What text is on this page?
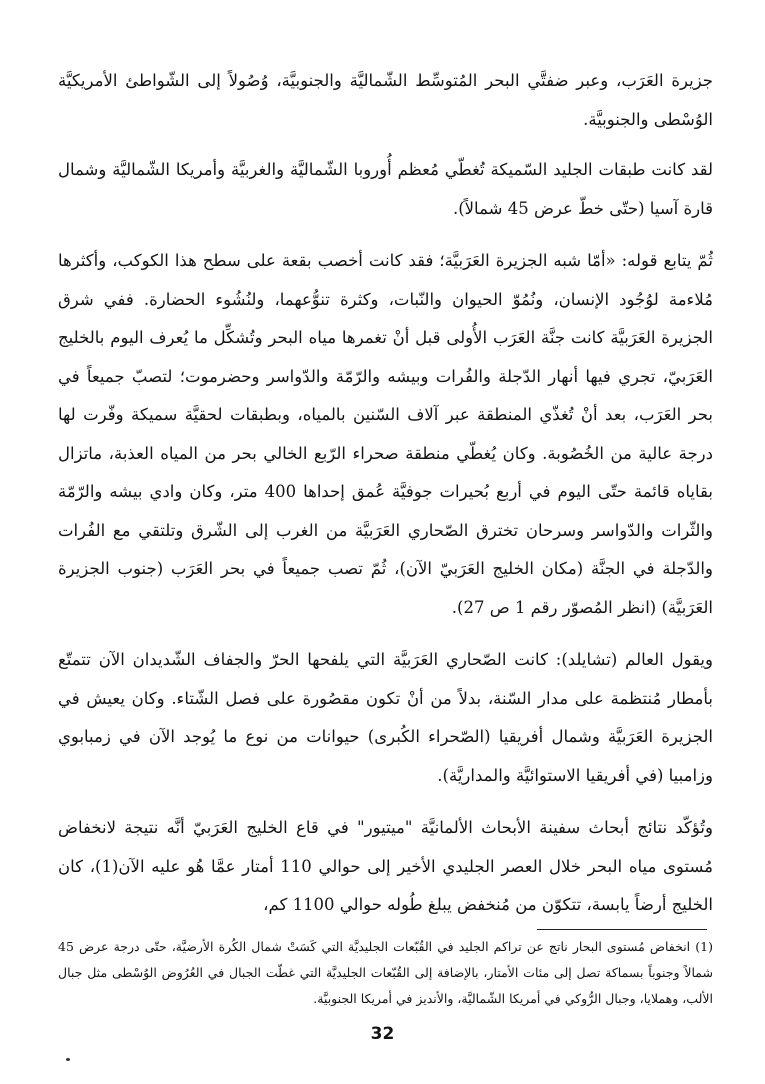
جزيرة العَرَب، وعبر ضفتَّي البحر المُتوسِّط الشّماليَّة والجنوبيَّة، وُصُولاً إلى الشّواطئ الأمريكيَّة الوُسْطى والجنوبيَّة.

لقد كانت طبقات الجليد السّميكة تُغطّي مُعظم أُوروبا الشّماليَّة والغربيَّة وأمريكا الشّماليَّة وشمال قارة آسيا (حتّى خطّ عرض 45 شمالاً).

ثُمّ يتابع قوله: «أمّا شبه الجزيرة العَرَبيَّة؛ فقد كانت أخصب بقعة على سطح هذا الكوكب، وأكثرها مُلاءمة لوُجُود الإنسان، ونُمُوّ الحيوان والنّبات، وكثرة تنوُّعهما، ولنُشُوء الحضارة. ففي شرق الجزيرة العَرَبيَّة كانت جنَّة العَرَب الأُولى قبل أنْ تغمرها مياه البحر وتُشكِّل ما يُعرف اليوم بالخليج العَرَبيّ، تجري فيها أنهار الدّجلة والفُرات وبيشه والرّمّة والدّواسر وحضرموت؛ لتصبّ جميعاً في بحر العَرَب، بعد أنْ تُغذّي المنطقة عبر آلاف السّنين بالمياه، وبطبقات لحقيَّة سميكة وفّرت لها درجة عالية من الخُصُوبة. وكان يُغطّي منطقة صحراء الرّبع الخالي بحر من المياه العذبة، ماتزال بقاياه قائمة حتّى اليوم في أربع بُحيرات جوفيَّة عُمق إحداها 400 متر، وكان وادي بيشه والرّمّة والثّرات والدّواسر وسرحان تخترق الصّحاري العَرَبيَّة من الغرب إلى الشّرق وتلتقي مع الفُرات والدّجلة في الجنَّة (مكان الخليج العَرَبيّ الآن)، ثُمّ تصب جميعاً في بحر العَرَب (جنوب الجزيرة العَرَبيَّة) (انظر المُصوّر رقم 1 ص 27).

ويقول العالم (تشايلد): كانت الصّحاري العَرَبيَّة التي يلفحها الحرّ والجفاف الشّديدان الآن تتمتّع بأمطار مُنتظمة على مدار السّنة، بدلاً من أنْ تكون مقصُورة على فصل الشّتاء. وكان يعيش في الجزيرة العَرَبيَّة وشمال أفريقيا (الصّحراء الكُبرى) حيوانات من نوع ما يُوجد الآن في زمبابوي وزامبيا (في أفريقيا الاستوائيَّة والمداريَّة).

وتُؤكّد نتائج أبحاث سفينة الأبحاث الألمانيَّة "ميتيور" في قاع الخليج العَرَبيّ أنَّه نتيجة لانخفاض مُستوى مياه البحر خلال العصر الجليدي الأخير إلى حوالي 110 أمتار عمَّا هُو عليه الآن(1)، كان الخليج أرضاً يابسة، تتكوّن من مُنخفض يبلغ طُوله حوالي 1100 كم،

(1) انخفاض مُستوى البحار ناتج عن تراكم الجليد في القُبّعات الجليديَّة التي كَسَتْ شمال الكُرة الأرضيَّة، حتّى درجة عرض 45 شمالاً وجنوباً بسماكة تصل إلى مئات الأمتار، بالإضافة إلى القُبّعات الجليديَّة التي غطّت الجبال في العُرُوض الوُسْطى مثل جبال الألب، وهملايا، وجبال الرُّوكي في أمريكا الشّماليَّة، والأنديز في أمريكا الجنوبيَّة.

32
